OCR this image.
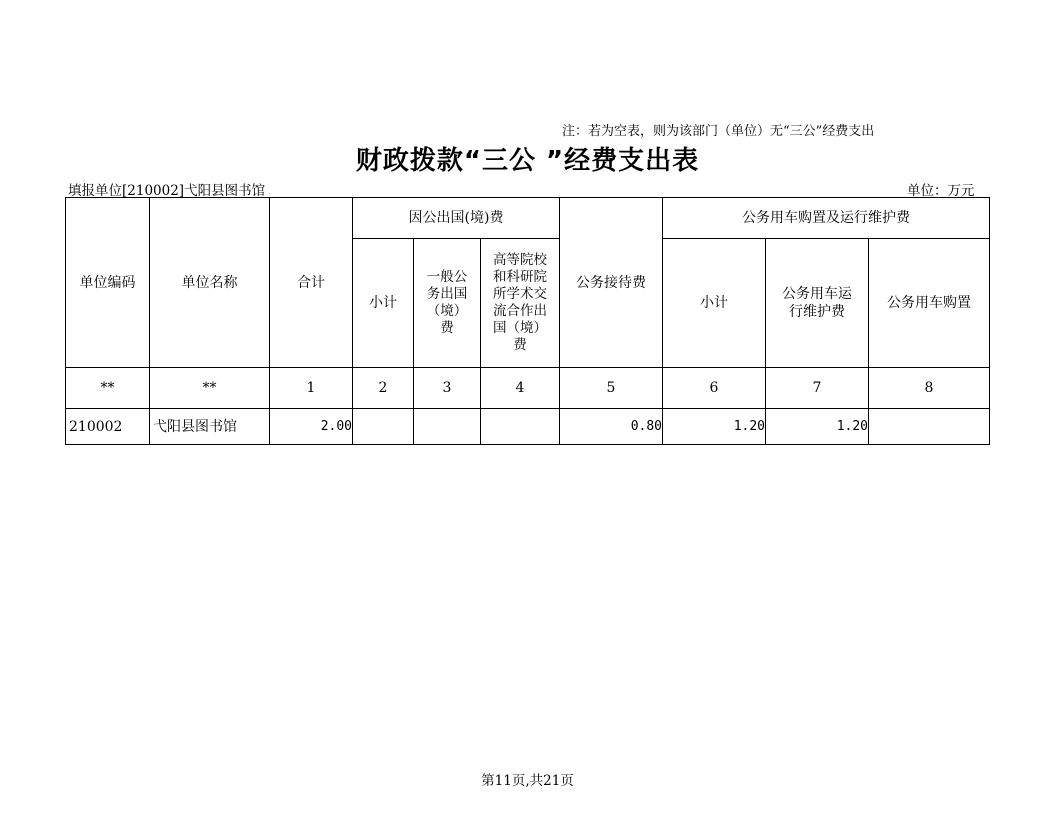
注：若为空表，则为该部门（单位）无“三公”经费支出
财政拨款“三公 ”经费支出表
填报单位[210002]弋阳县图书馆	单位：万元
单位编码	单位名称	合计	因公出国(境)费			公务接待费	公务用车购置及运行维护费		
			小计	一般公务出国（境）费	高等院校和科研院所学术交流合作出国（境）费		小计	公务用车运行维护费	公务用车购置
**	**	1	2	3	4	5	6	7	8
210002	弋阳县图书馆	2.00				0.80	1.20	1.20	
第11页,共21页
